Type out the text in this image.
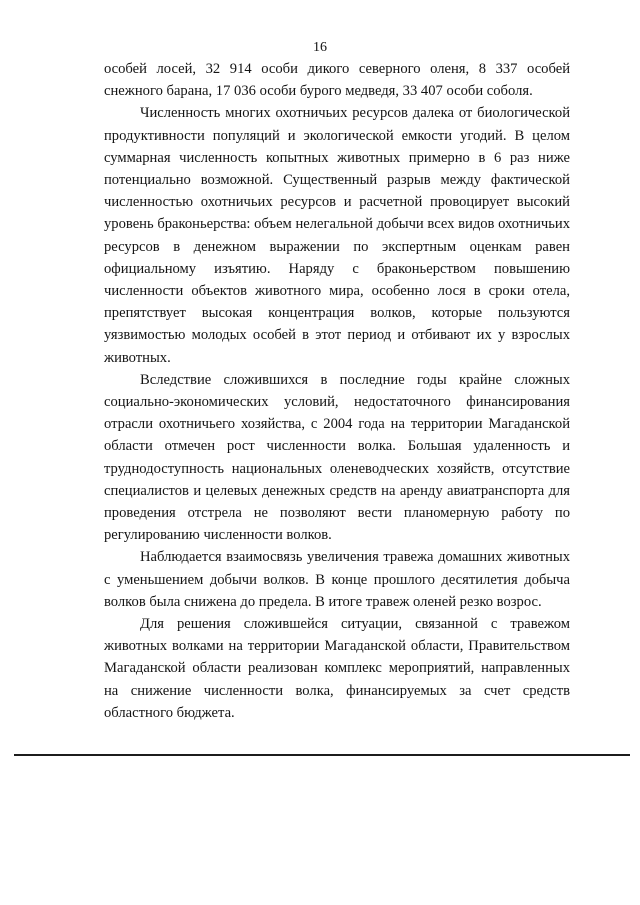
16

особей лосей, 32 914 особи дикого северного оленя, 8 337 особей снежного барана, 17 036 особи бурого медведя, 33 407 особи соболя.

Численность многих охотничьих ресурсов далека от биологической продуктивности популяций и экологической емкости угодий. В целом суммарная численность копытных животных примерно в 6 раз ниже потенциально возможной. Существенный разрыв между фактической численностью охотничьих ресурсов и расчетной провоцирует высокий уровень браконьерства: объем нелегальной добычи всех видов охотничьих ресурсов в денежном выражении по экспертным оценкам равен официальному изъятию. Наряду с браконьерством повышению численности объектов животного мира, особенно лося в сроки отела, препятствует высокая концентрация волков, которые пользуются уязвимостью молодых особей в этот период и отбивают их у взрослых животных.

Вследствие сложившихся в последние годы крайне сложных социально-экономических условий, недостаточного финансирования отрасли охотничьего хозяйства, с 2004 года на территории Магаданской области отмечен рост численности волка. Большая удаленность и труднодоступность национальных оленеводческих хозяйств, отсутствие специалистов и целевых денежных средств на аренду авиатранспорта для проведения отстрела не позволяют вести планомерную работу по регулированию численности волков.

Наблюдается взаимосвязь увеличения травежа домашних животных с уменьшением добычи волков. В конце прошлого десятилетия добыча волков была снижена до предела. В итоге травеж оленей резко возрос.

Для решения сложившейся ситуации, связанной с травежом животных волками на территории Магаданской области, Правительством Магаданской области реализован комплекс мероприятий, направленных на снижение численности волка, финансируемых за счет средств областного бюджета.
